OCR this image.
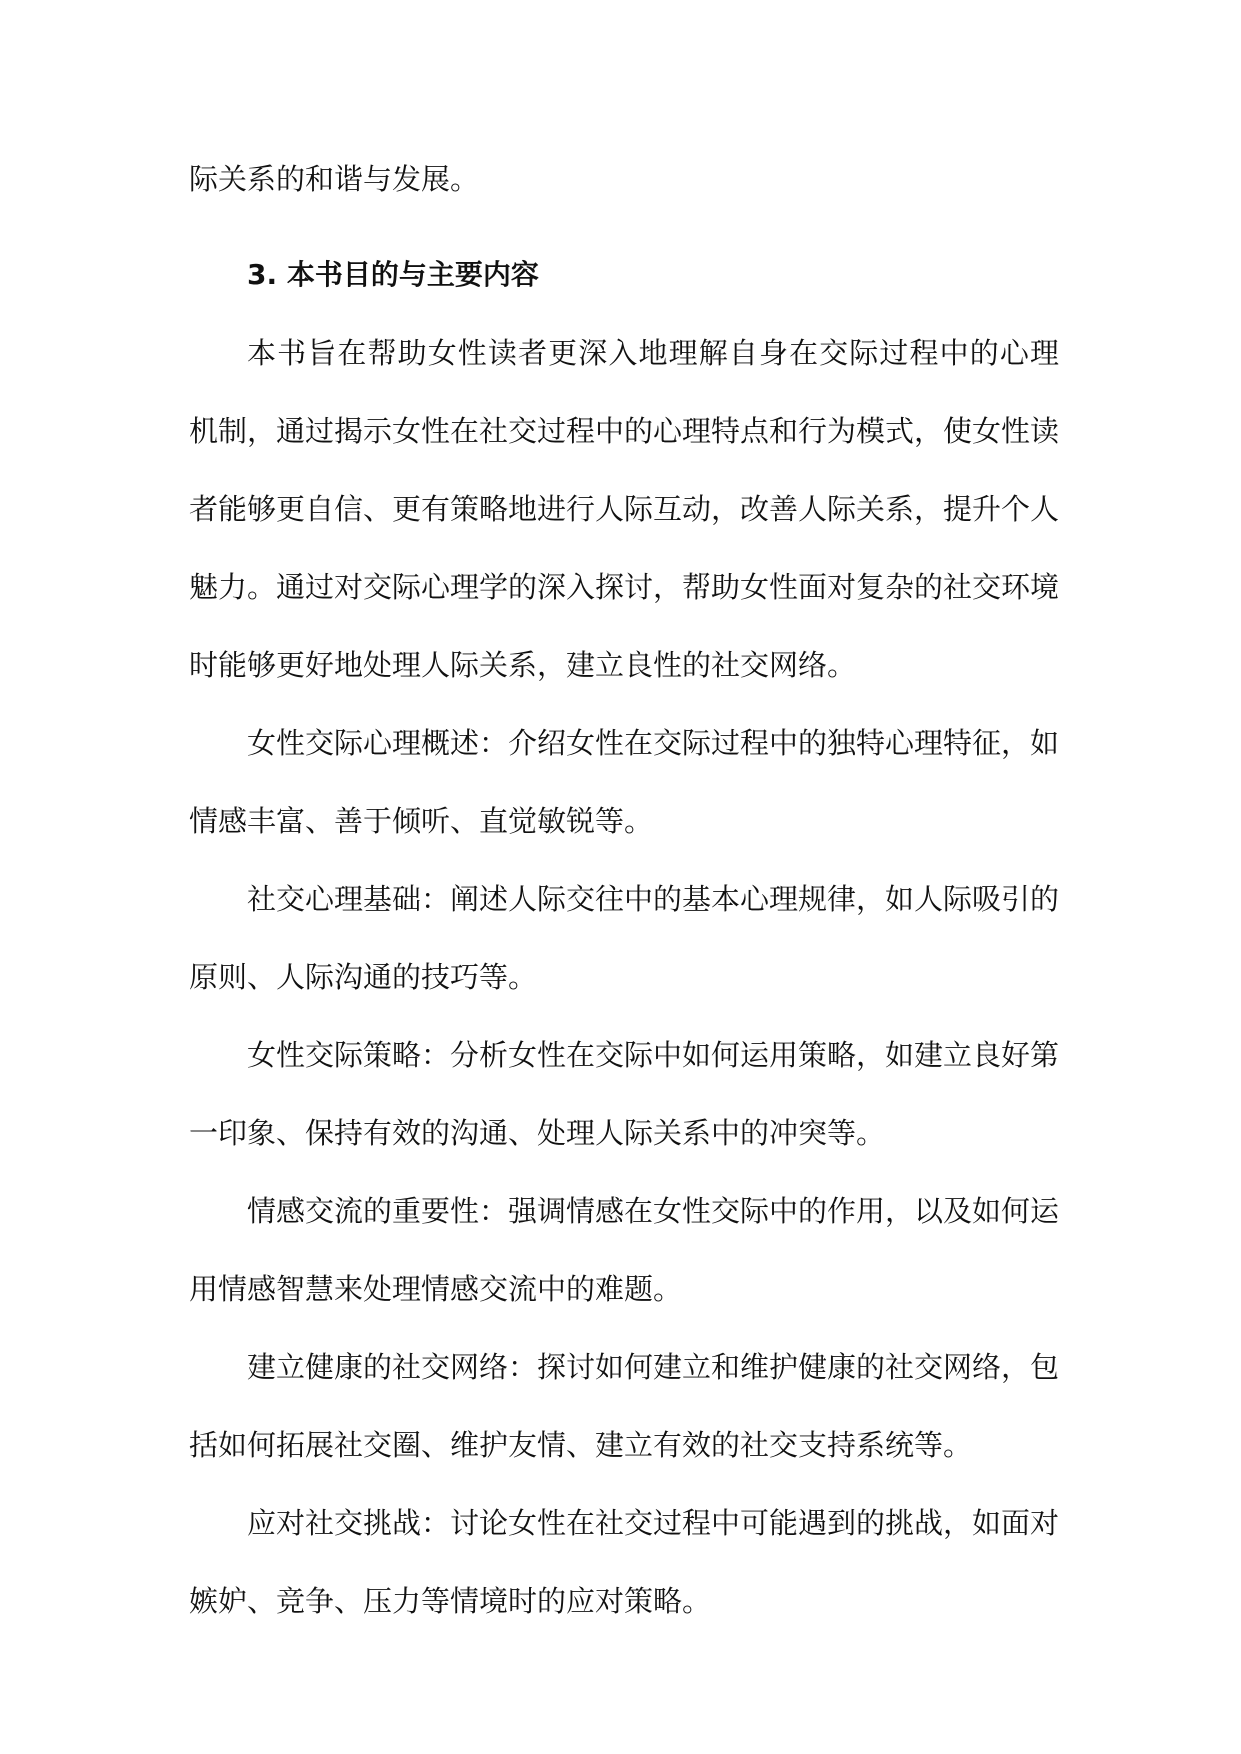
际关系的和谐与发展。
3. 本书目的与主要内容
本书旨在帮助女性读者更深入地理解自身在交际过程中的心理
机制，通过揭示女性在社交过程中的心理特点和行为模式，使女性读
者能够更自信、更有策略地进行人际互动，改善人际关系，提升个人
魅力。通过对交际心理学的深入探讨，帮助女性面对复杂的社交环境
时能够更好地处理人际关系，建立良性的社交网络。
女性交际心理概述：介绍女性在交际过程中的独特心理特征，如
情感丰富、善于倾听、直觉敏锐等。
社交心理基础：阐述人际交往中的基本心理规律，如人际吸引的
原则、人际沟通的技巧等。
女性交际策略：分析女性在交际中如何运用策略，如建立良好第
一印象、保持有效的沟通、处理人际关系中的冲突等。
情感交流的重要性：强调情感在女性交际中的作用，以及如何运
用情感智慧来处理情感交流中的难题。
建立健康的社交网络：探讨如何建立和维护健康的社交网络，包
括如何拓展社交圈、维护友情、建立有效的社交支持系统等。
应对社交挑战：讨论女性在社交过程中可能遇到的挑战，如面对
嫉妒、竞争、压力等情境时的应对策略。
